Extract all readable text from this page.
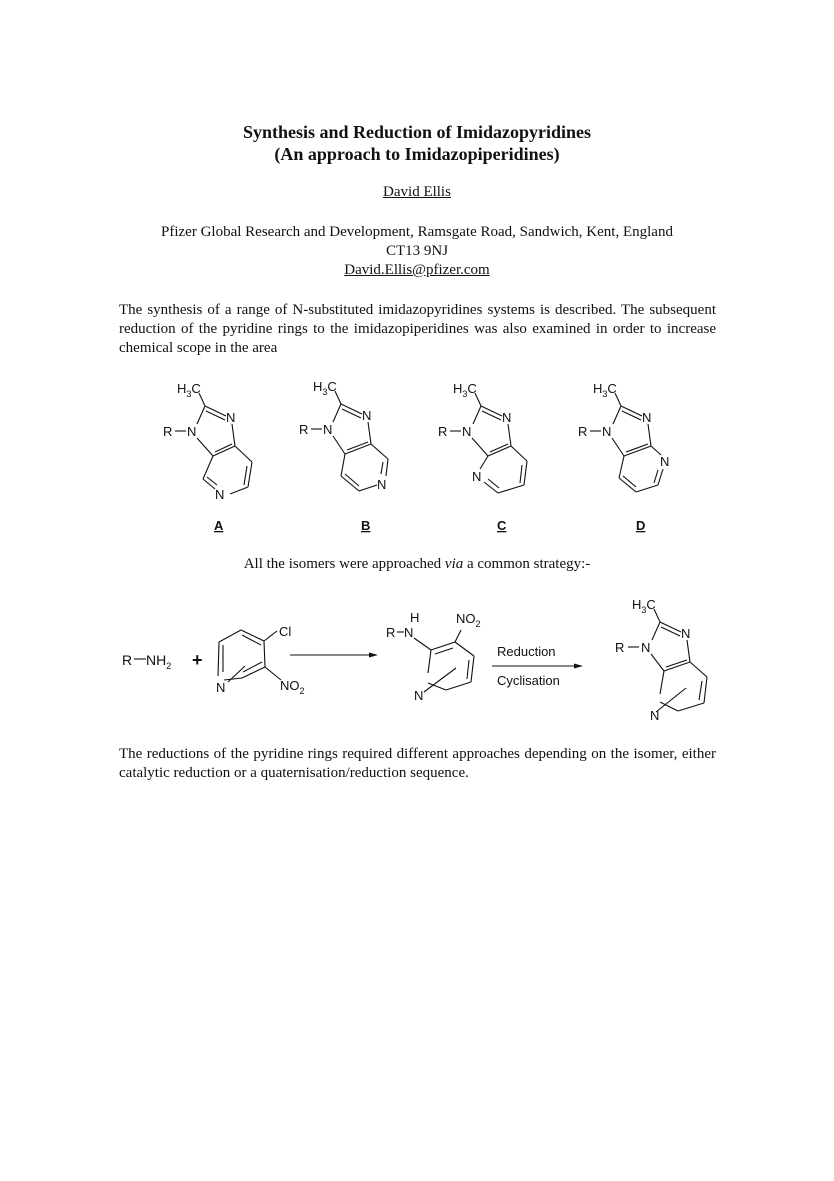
Synthesis and Reduction of Imidazopyridines
(An approach to Imidazopiperidines)
David Ellis
Pfizer Global Research and Development, Ramsgate Road, Sandwich, Kent, England
CT13 9NJ
David.Ellis@pfizer.com
The synthesis of a range of N-substituted imidazopyridines systems is described. The subsequent reduction of the pyridine rings to the imidazopiperidines was also examined in order to increase chemical scope in the area
$H_3C$
N
R N
N
A
$H_3C$
N
R N
N
B
$H_3C$
N
R N
N
C
$H_3C$
N
R N
N
D
All the isomers were approached via a common strategy:-
R $NH_2$ +
Cl
$NO_2$
N
H
R N
$NO_2$
N
Reduction
Cyclisation
$H_3C$
N
R N
N
The reductions of the pyridine rings required different approaches depending on the isomer, either catalytic reduction or a quaternisation/reduction sequence.
